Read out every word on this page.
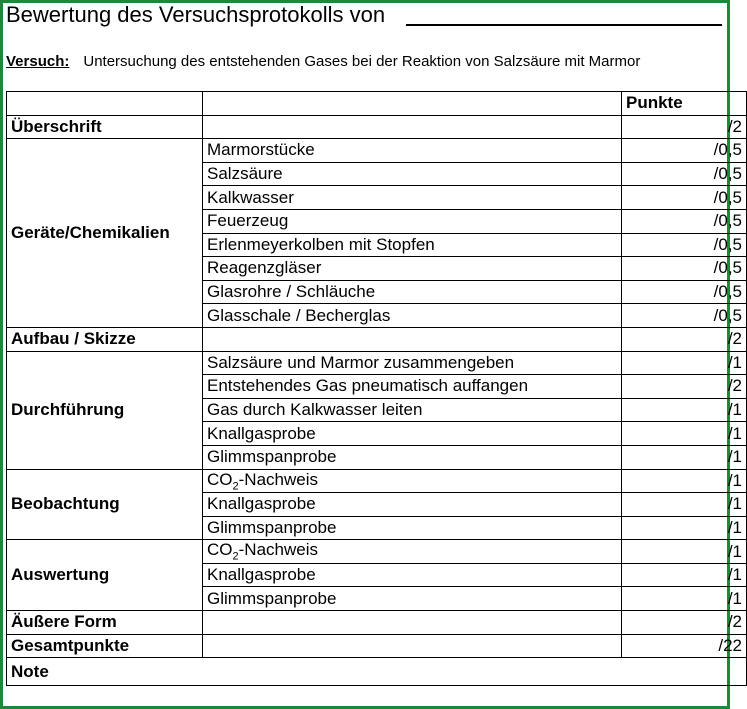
Bewertung des Versuchsprotokolls von
Versuch: Untersuchung des entstehenden Gases bei der Reaktion von Salzsäure mit Marmor
		Punkte
Überschrift		/2
Geräte/Chemikalien	Marmorstücke	/0,5
	Salzsäure	/0,5
	Kalkwasser	/0,5
	Feuerzeug	/0,5
	Erlenmeyerkolben mit Stopfen	/0,5
	Reagenzgläser	/0,5
	Glasrohre / Schläuche	/0,5
	Glasschale / Becherglas	/0,5
Aufbau / Skizze		/2
Durchführung	Salzsäure und Marmor zusammengeben	/1
	Entstehendes Gas pneumatisch auffangen	/2
	Gas durch Kalkwasser leiten	/1
	Knallgasprobe	/1
	Glimmspanprobe	/1
Beobachtung	$CO_2$-Nachweis	/1
	Knallgasprobe	/1
	Glimmspanprobe	/1
Auswertung	$CO_2$-Nachweis	/1
	Knallgasprobe	/1
	Glimmspanprobe	/1
Äußere Form		/2
Gesamtpunkte		/22
Note		
